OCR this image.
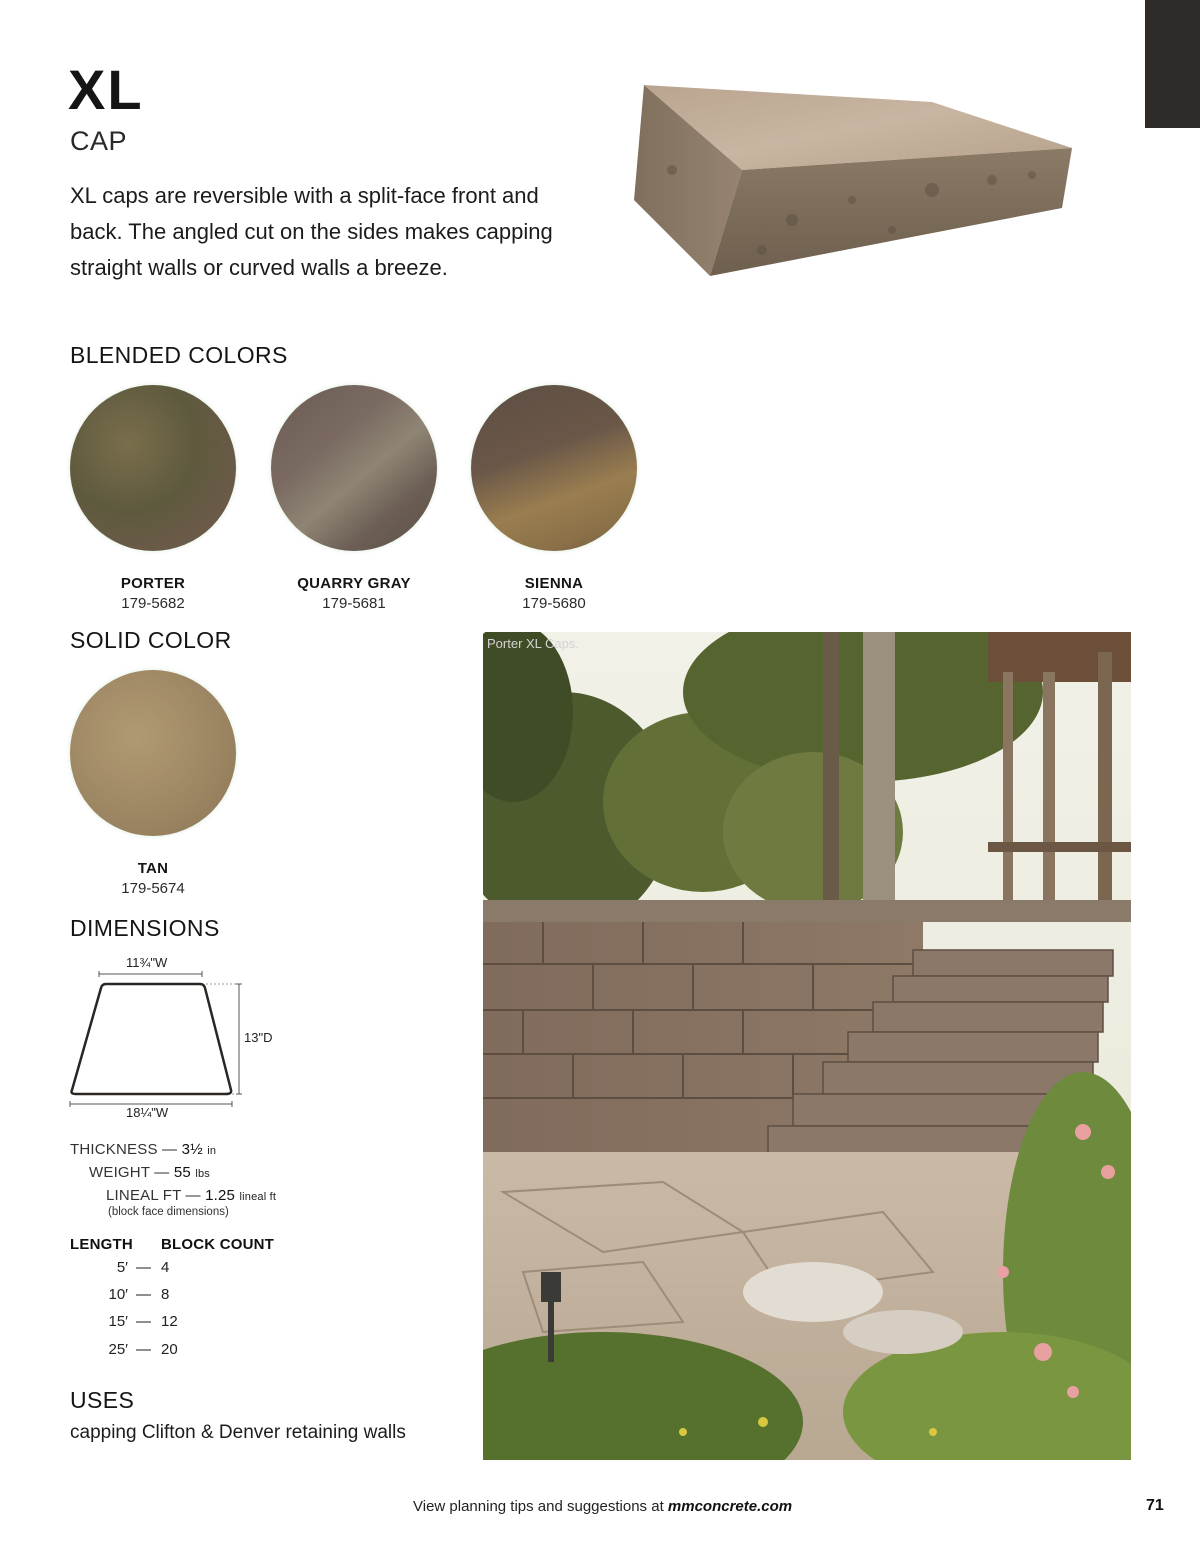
XL
CAP

XL caps are reversible with a split-face front and back. The angled cut on the sides makes capping straight walls or curved walls a breeze.

BLENDED COLORS
PORTER
179-5682
QUARRY GRAY
179-5681
SIENNA
179-5680
SOLID COLOR
TAN
179-5674
DIMENSIONS
11¾"W
13"D
18¼"W
THICKNESS — 3½ in
WEIGHT — 55 lbs
LINEAL FT — 1.25 lineal ft
(block face dimensions)
LENGTH BLOCK COUNT
5′ — 4
10′ — 8
15′ — 12
25′ — 20
USES
capping Clifton & Denver retaining walls
Porter XL Caps.
View planning tips and suggestions at mmconcrete.com	71
